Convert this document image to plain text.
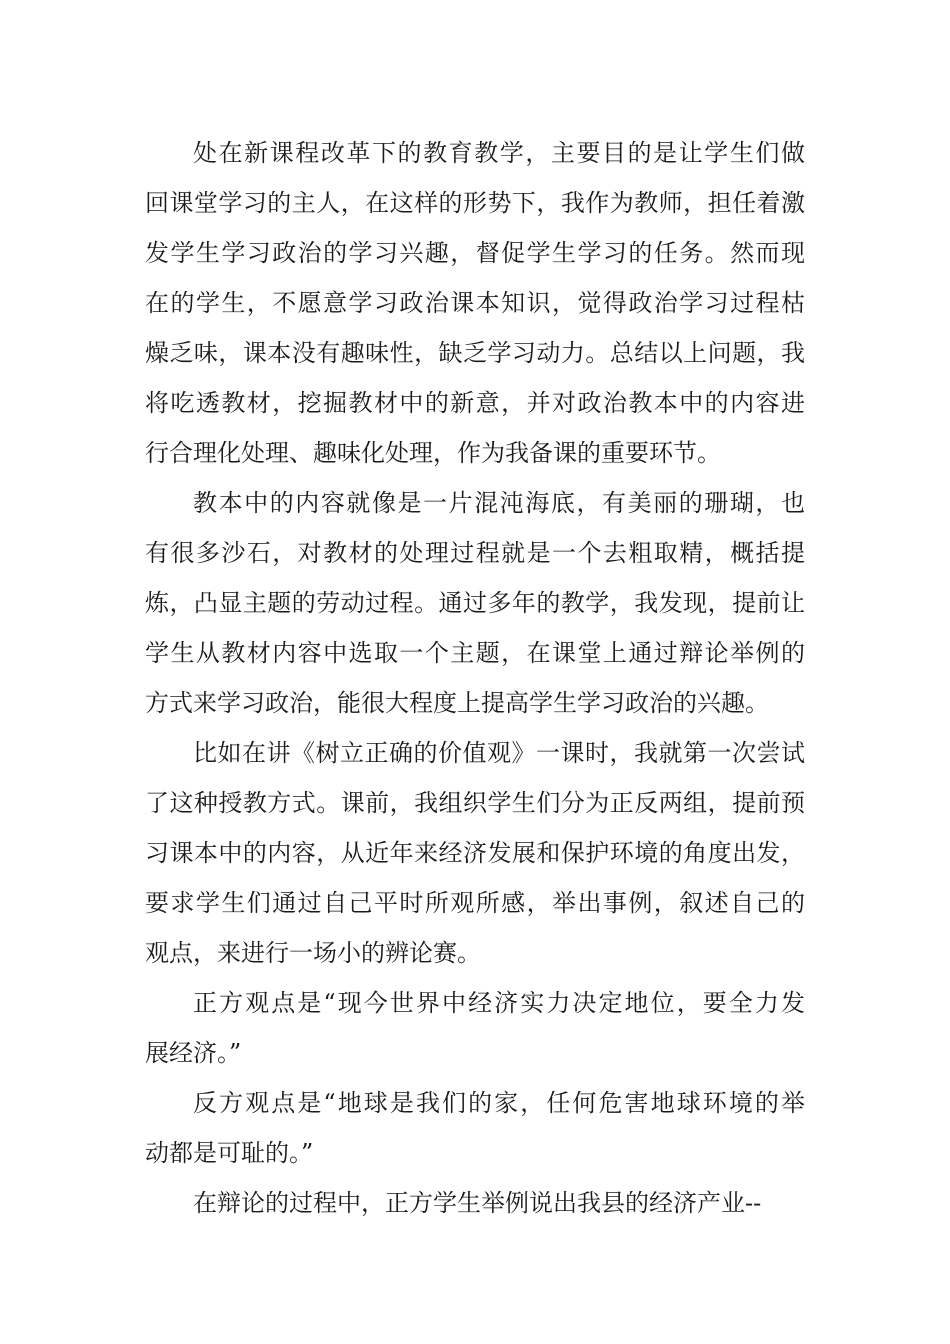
处在新课程改革下的教育教学，主要目的是让学生们做
回课堂学习的主人，在这样的形势下，我作为教师，担任着激
发学生学习政治的学习兴趣，督促学生学习的任务。然而现
在的学生，不愿意学习政治课本知识，觉得政治学习过程枯
燥乏味，课本没有趣味性，缺乏学习动力。总结以上问题，我
将吃透教材，挖掘教材中的新意，并对政治教本中的内容进
行合理化处理、趣味化处理，作为我备课的重要环节。
教本中的内容就像是一片混沌海底，有美丽的珊瑚，也
有很多沙石，对教材的处理过程就是一个去粗取精，概括提
炼，凸显主题的劳动过程。通过多年的教学，我发现，提前让
学生从教材内容中选取一个主题，在课堂上通过辩论举例的
方式来学习政治，能很大程度上提高学生学习政治的兴趣。
比如在讲《树立正确的价值观》一课时，我就第一次尝试
了这种授教方式。课前，我组织学生们分为正反两组，提前预
习课本中的内容，从近年来经济发展和保护环境的角度出发，
要求学生们通过自己平时所观所感，举出事例，叙述自己的
观点，来进行一场小的辨论赛。
正方观点是“现今世界中经济实力决定地位，要全力发
展经济。”
反方观点是“地球是我们的家，任何危害地球环境的举
动都是可耻的。”
在辩论的过程中，正方学生举例说出我县的经济产业--
